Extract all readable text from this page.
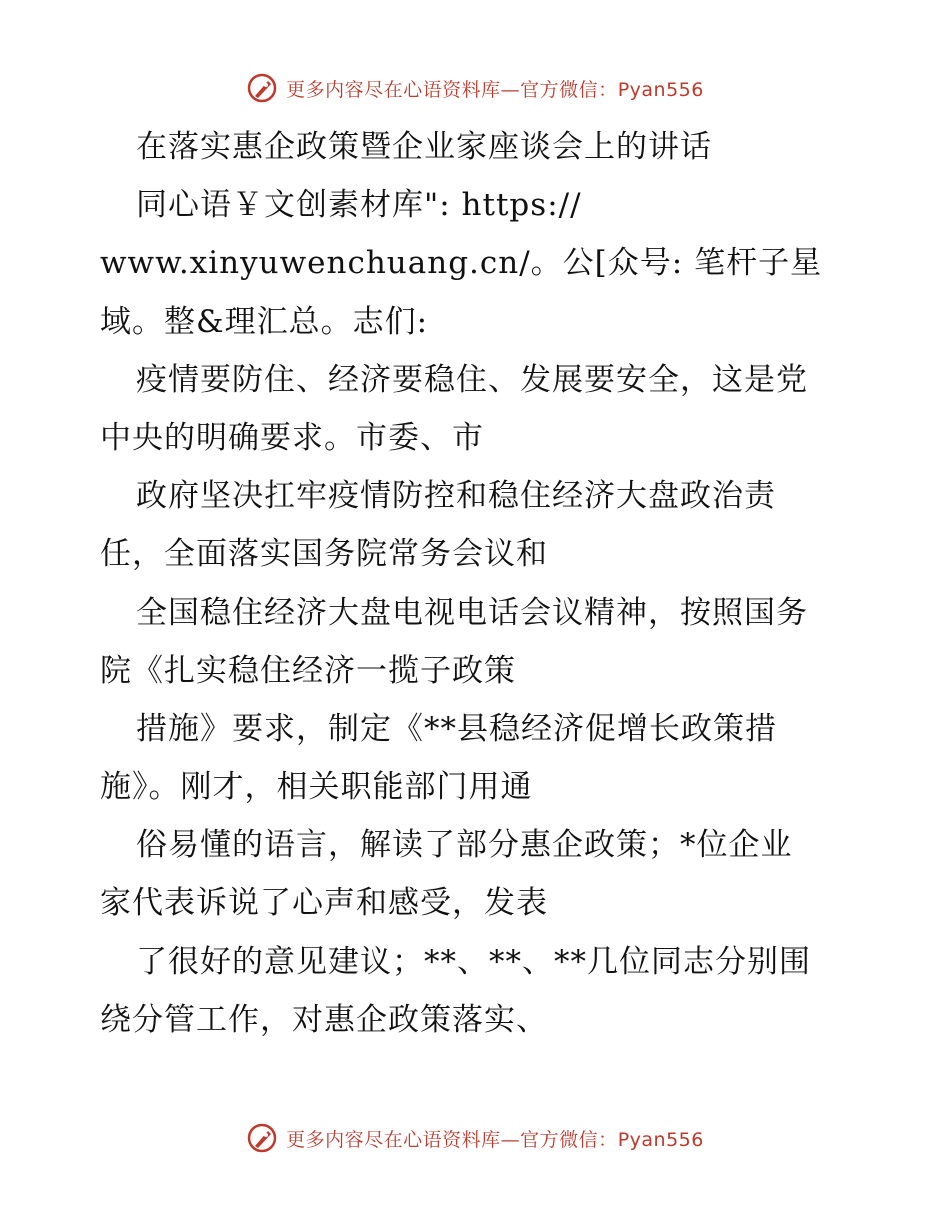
更多内容尽在心语资料库—官方微信：Pyan556
在落实惠企政策暨企业家座谈会上的讲话
同心语￥文创素材库": https://
www.xinyuwenchuang.cn/。公[众号: 笔杆子星
域。整&理汇总。志们:
疫情要防住、经济要稳住、发展要安全，这是党
中央的明确要求。市委、市
政府坚决扛牢疫情防控和稳住经济大盘政治责
任，全面落实国务院常务会议和
全国稳住经济大盘电视电话会议精神，按照国务
院《扎实稳住经济一揽子政策
措施》要求，制定《**县稳经济促增长政策措
施》。刚才，相关职能部门用通
俗易懂的语言，解读了部分惠企政策；*位企业
家代表诉说了心声和感受，发表
了很好的意见建议；**、**、**几位同志分别围
绕分管工作，对惠企政策落实、
更多内容尽在心语资料库—官方微信：Pyan556
